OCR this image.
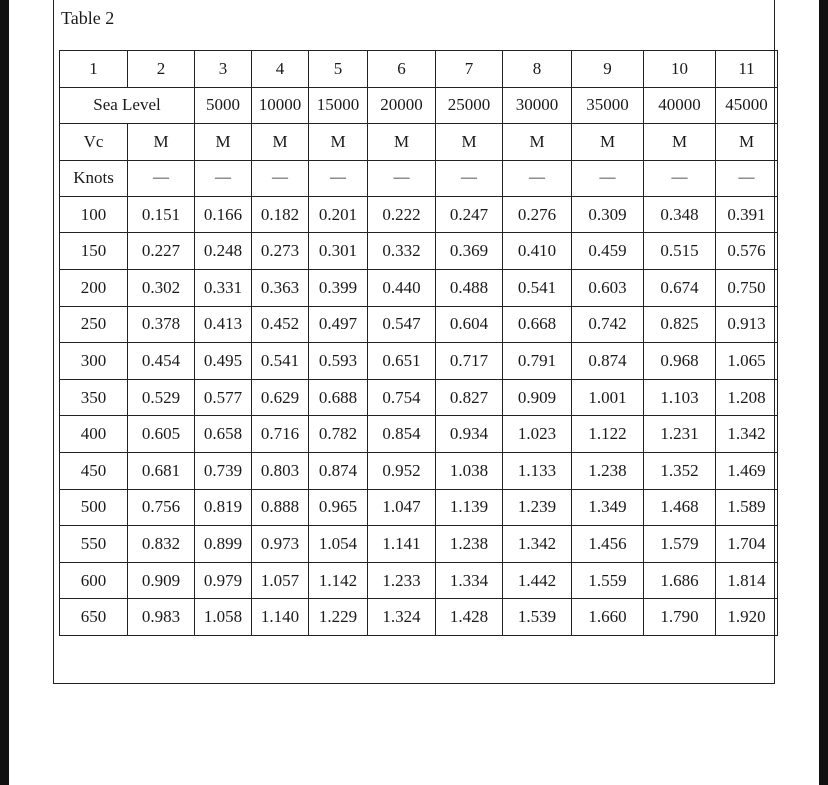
Table 2
1	2	3	4	5	6	7	8	9	10	11
Sea Level		5000	10000	15000	20000	25000	30000	35000	40000	45000
Vc	M	M	M	M	M	M	M	M	M	M
Knots	—	—	—	—	—	—	—	—	—	—
100	0.151	0.166	0.182	0.201	0.222	0.247	0.276	0.309	0.348	0.391
150	0.227	0.248	0.273	0.301	0.332	0.369	0.410	0.459	0.515	0.576
200	0.302	0.331	0.363	0.399	0.440	0.488	0.541	0.603	0.674	0.750
250	0.378	0.413	0.452	0.497	0.547	0.604	0.668	0.742	0.825	0.913
300	0.454	0.495	0.541	0.593	0.651	0.717	0.791	0.874	0.968	1.065
350	0.529	0.577	0.629	0.688	0.754	0.827	0.909	1.001	1.103	1.208
400	0.605	0.658	0.716	0.782	0.854	0.934	1.023	1.122	1.231	1.342
450	0.681	0.739	0.803	0.874	0.952	1.038	1.133	1.238	1.352	1.469
500	0.756	0.819	0.888	0.965	1.047	1.139	1.239	1.349	1.468	1.589
550	0.832	0.899	0.973	1.054	1.141	1.238	1.342	1.456	1.579	1.704
600	0.909	0.979	1.057	1.142	1.233	1.334	1.442	1.559	1.686	1.814
650	0.983	1.058	1.140	1.229	1.324	1.428	1.539	1.660	1.790	1.920
